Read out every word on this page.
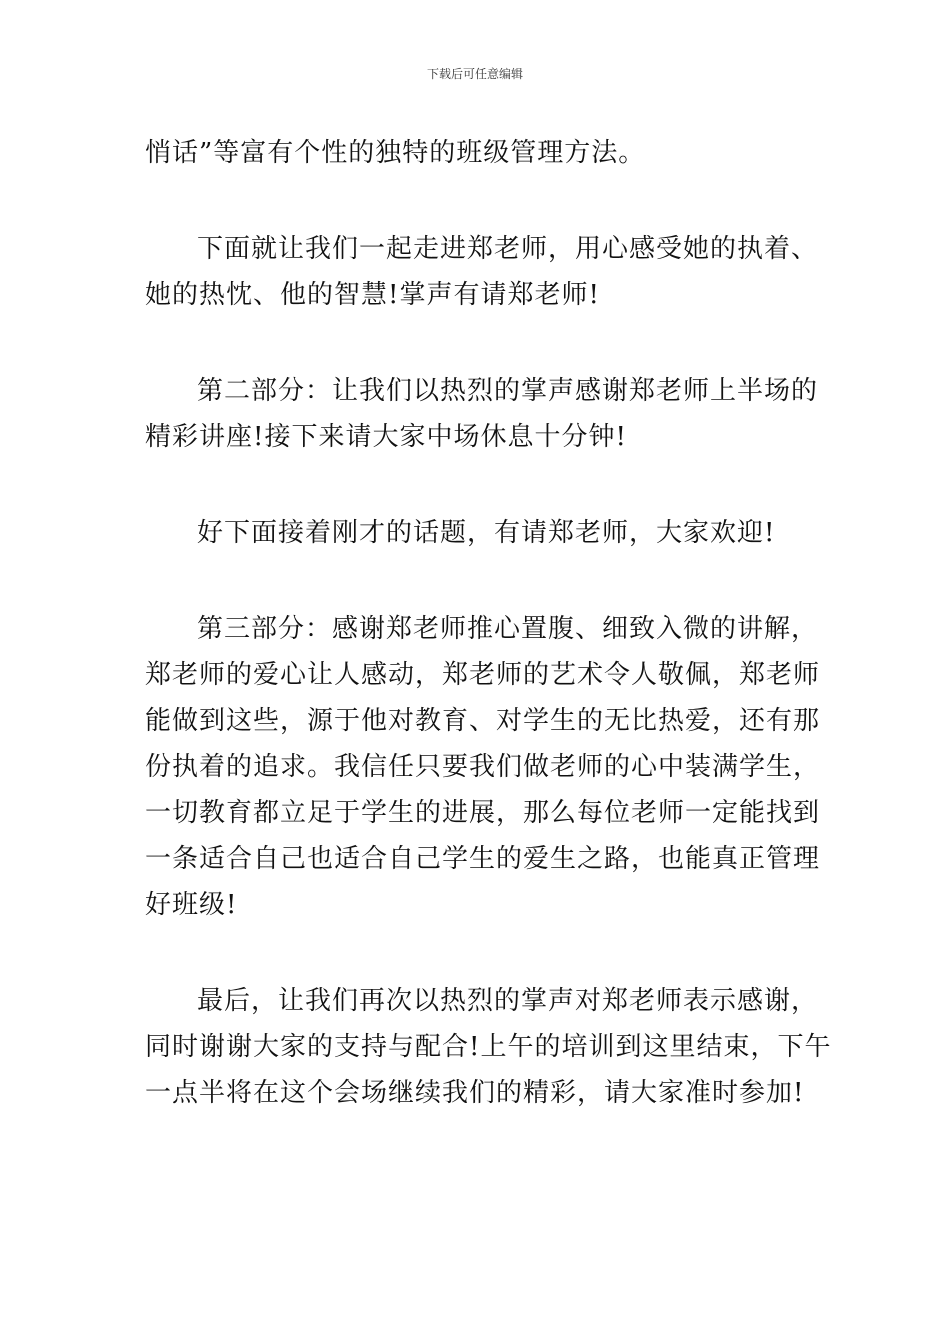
下载后可任意编辑

悄话”等富有个性的独特的班级管理方法。

下面就让我们一起走进郑老师，用心感受她的执着、
她的热忱、他的智慧!掌声有请郑老师!

第二部分：让我们以热烈的掌声感谢郑老师上半场的
精彩讲座!接下来请大家中场休息十分钟!

好下面接着刚才的话题，有请郑老师，大家欢迎!

第三部分：感谢郑老师推心置腹、细致入微的讲解，
郑老师的爱心让人感动，郑老师的艺术令人敬佩，郑老师
能做到这些，源于他对教育、对学生的无比热爱，还有那
份执着的追求。我信任只要我们做老师的心中装满学生，
一切教育都立足于学生的进展，那么每位老师一定能找到
一条适合自己也适合自己学生的爱生之路，也能真正管理
好班级!

最后，让我们再次以热烈的掌声对郑老师表示感谢，
同时谢谢大家的支持与配合!上午的培训到这里结束，下午
一点半将在这个会场继续我们的精彩，请大家准时参加!
